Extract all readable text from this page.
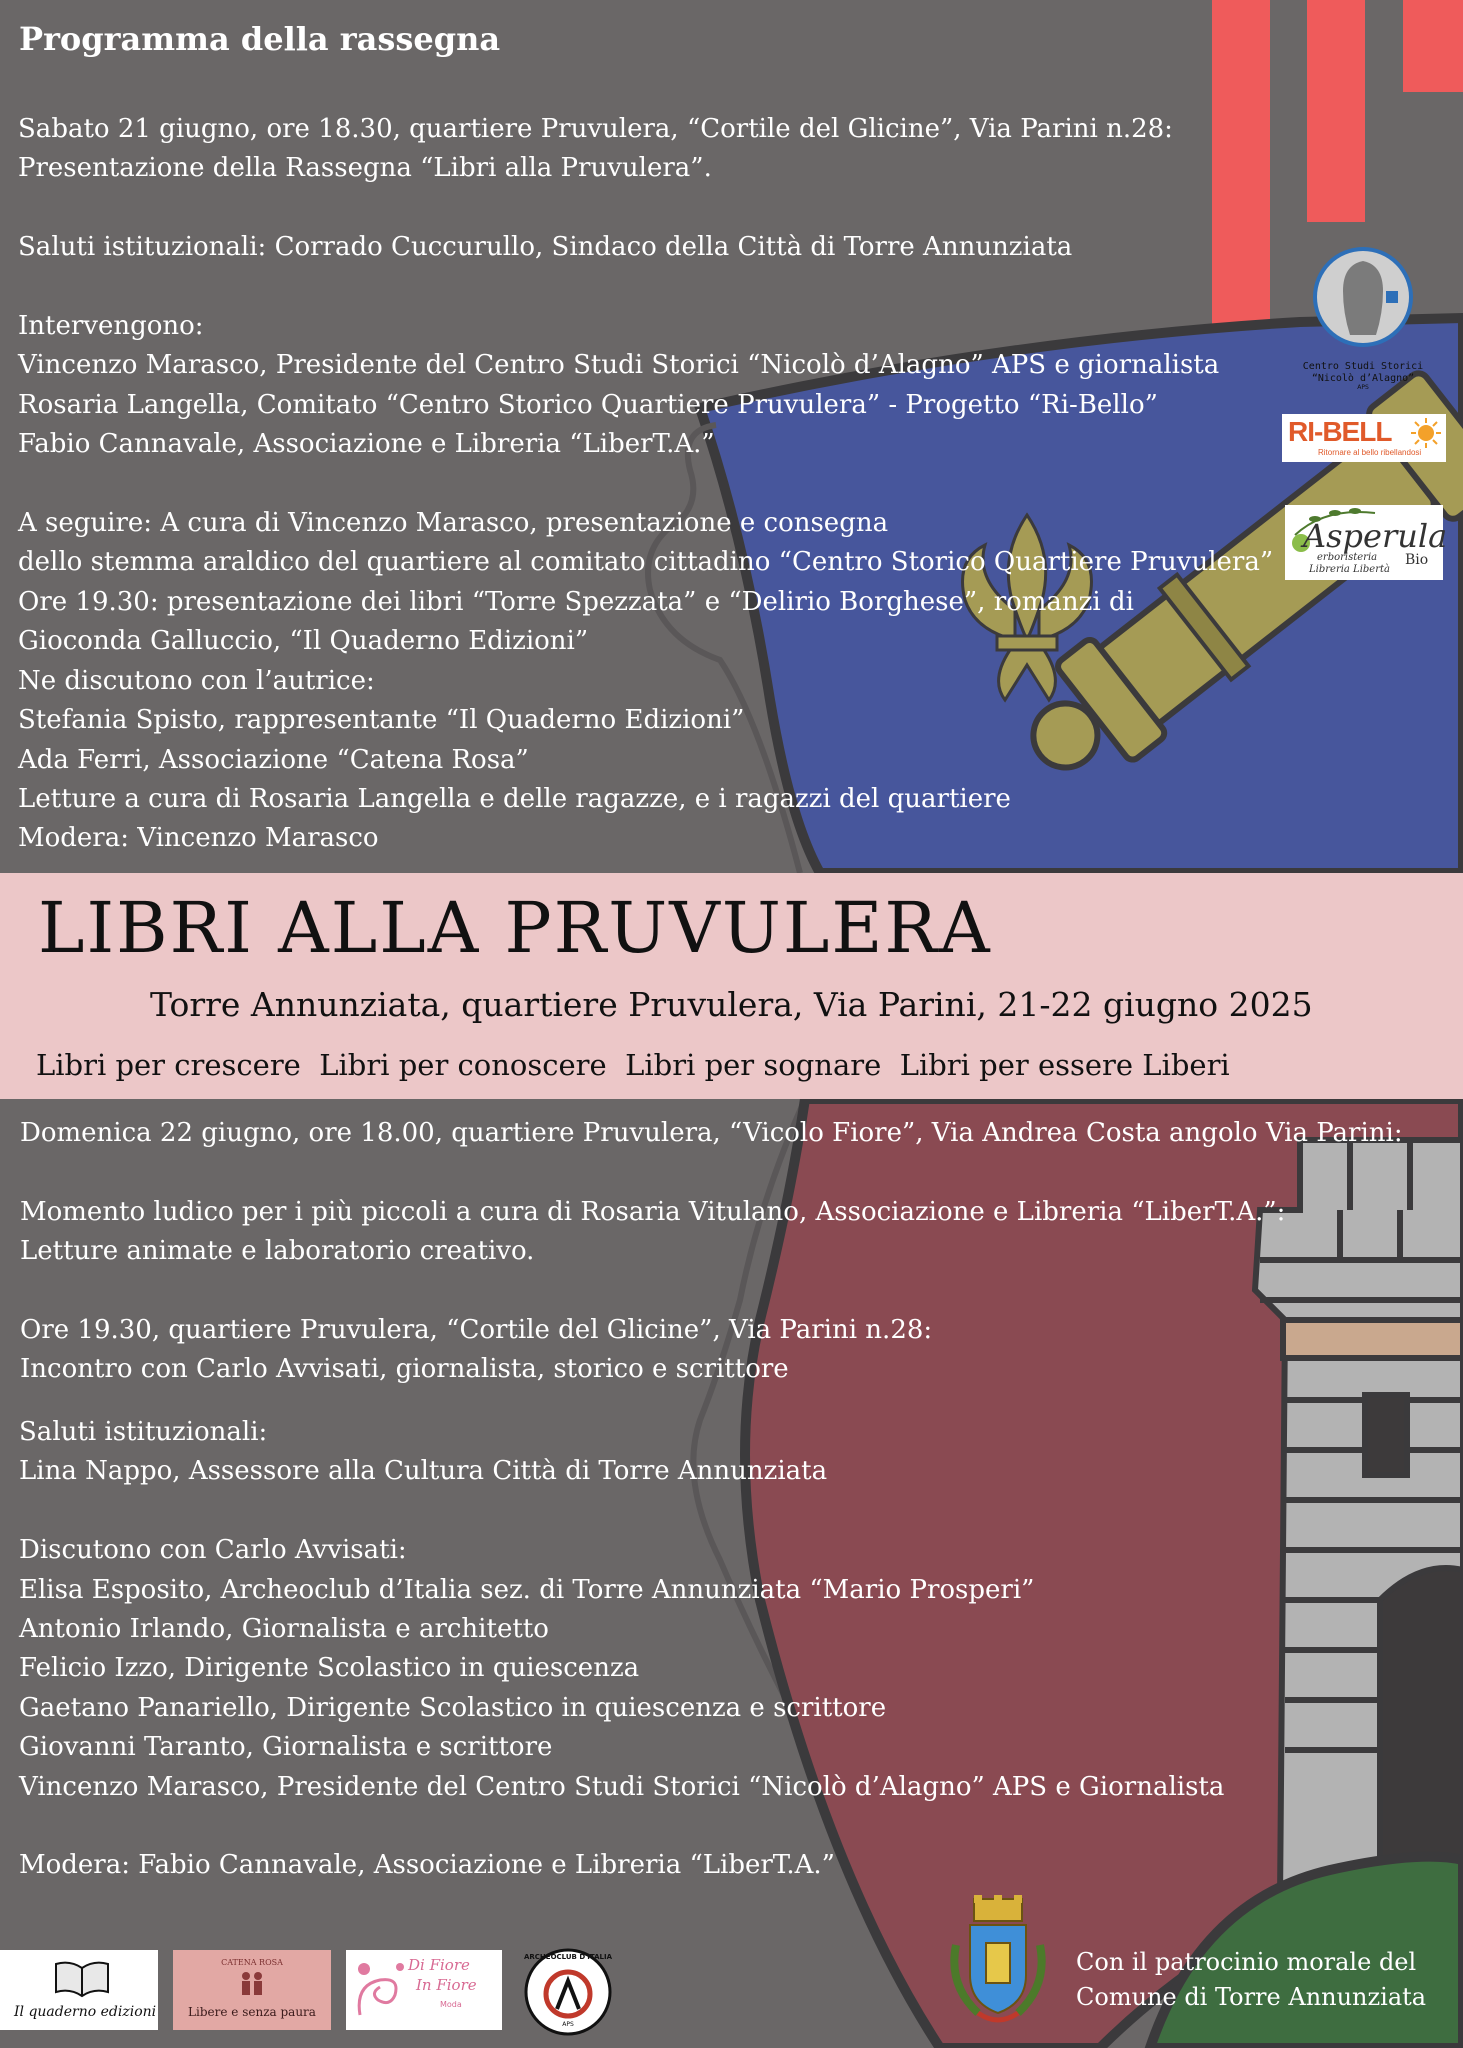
Programma della rassegna
Sabato 21 giugno, ore 18.30, quartiere Pruvulera, “Cortile del Glicine”, Via Parini n.28:
Presentazione della Rassegna “Libri alla Pruvulera”.

Saluti istituzionali: Corrado Cuccurullo, Sindaco della Città di Torre Annunziata

Intervengono:
Vincenzo Marasco, Presidente del Centro Studi Storici “Nicolò d’Alagno” APS e giornalista
Rosaria Langella, Comitato “Centro Storico Quartiere Pruvulera” - Progetto “Ri-Bello”
Fabio Cannavale, Associazione e Libreria “LiberT.A.”

A seguire: A cura di Vincenzo Marasco, presentazione e consegna
dello stemma araldico del quartiere al comitato cittadino “Centro Storico Quartiere Pruvulera”
Ore 19.30: presentazione dei libri “Torre Spezzata” e “Delirio Borghese”, romanzi di
Gioconda Galluccio, “Il Quaderno Edizioni”
Ne discutono con l’autrice:
Stefania Spisto, rappresentante “Il Quaderno Edizioni”
Ada Ferri, Associazione “Catena Rosa”
Letture a cura di Rosaria Langella e delle ragazze, e i ragazzi del quartiere
Modera: Vincenzo Marasco
Centro Studi Storici
“Nicolò d’Alagno”
APS
RI-BELL
Ritornare al bello ribellandosi
Asperula
erboristeria
Libreria Libertà
Bio
LIBRI ALLA PRUVULERA
Torre Annunziata, quartiere Pruvulera, Via Parini, 21-22 giugno 2025
Libri per crescere  Libri per conoscere  Libri per sognare  Libri per essere Liberi
Domenica 22 giugno, ore 18.00, quartiere Pruvulera, “Vicolo Fiore”, Via Andrea Costa angolo Via Parini:

Momento ludico per i più piccoli a cura di Rosaria Vitulano, Associazione e Libreria “LiberT.A.”:
Letture animate e laboratorio creativo.

Ore 19.30, quartiere Pruvulera, “Cortile del Glicine”, Via Parini n.28:
Incontro con Carlo Avvisati, giornalista, storico e scrittore
Saluti istituzionali:
Lina Nappo, Assessore alla Cultura Città di Torre Annunziata

Discutono con Carlo Avvisati:
Elisa Esposito, Archeoclub d’Italia sez. di Torre Annunziata “Mario Prosperi”
Antonio Irlando, Giornalista e architetto
Felicio Izzo, Dirigente Scolastico in quiescenza
Gaetano Panariello, Dirigente Scolastico in quiescenza e scrittore
Giovanni Taranto, Giornalista e scrittore
Vincenzo Marasco, Presidente del Centro Studi Storici “Nicolò d’Alagno” APS e Giornalista

Modera: Fabio Cannavale, Associazione e Libreria “LiberT.A.”
Il quaderno edizioni
CATENA ROSA
Libere e senza paura
Di Fiore
In Fiore
Moda
ARCHEOCLUB D'ITALIA
APS
Con il patrocinio morale del
Comune di Torre Annunziata
